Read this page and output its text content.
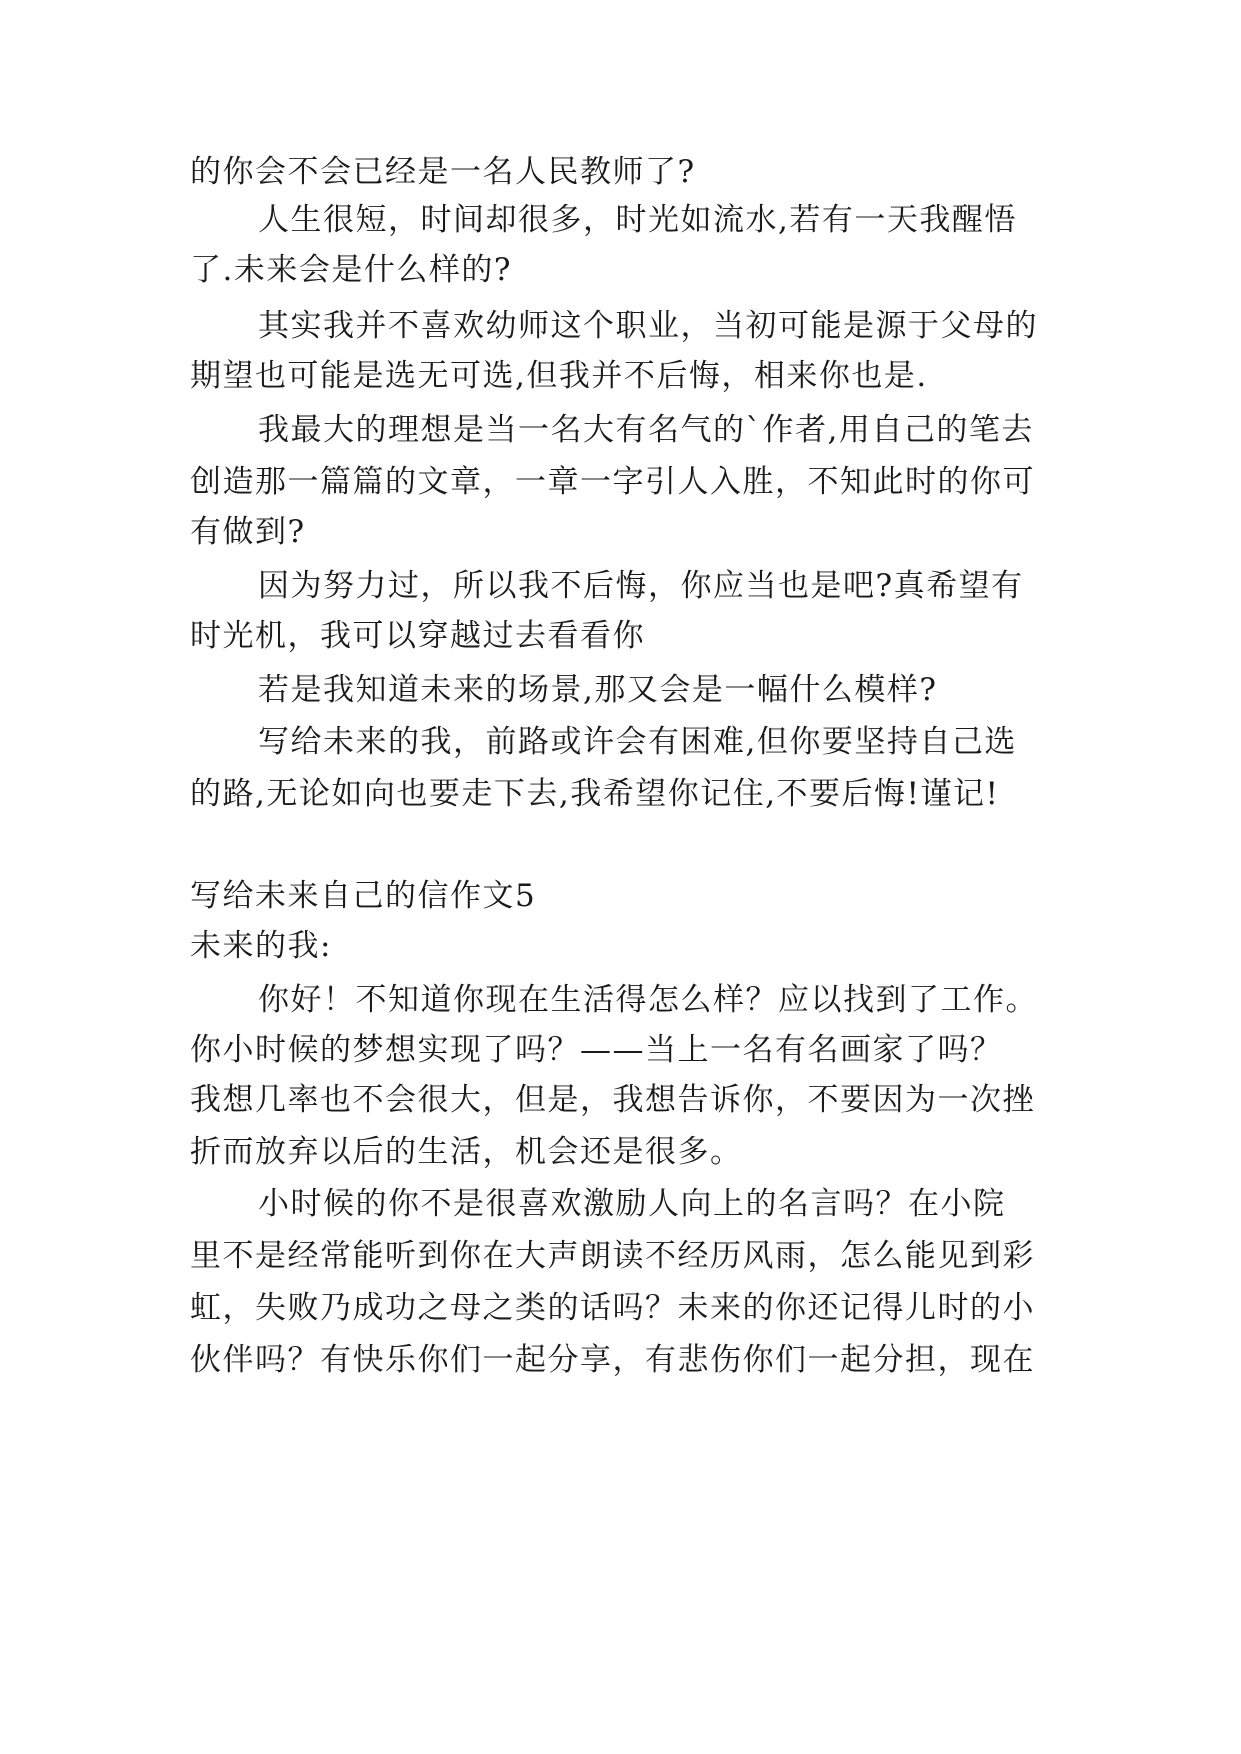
的你会不会已经是一名人民教师了?
人生很短，时间却很多，时光如流水,若有一天我醒悟
了.未来会是什么样的?
其实我并不喜欢幼师这个职业，当初可能是源于父母的
期望也可能是选无可选,但我并不后悔，相来你也是.
我最大的理想是当一名大有名气的`作者,用自己的笔去
创造那一篇篇的文章，一章一字引人入胜，不知此时的你可
有做到?
因为努力过，所以我不后悔，你应当也是吧?真希望有
时光机，我可以穿越过去看看你
若是我知道未来的场景,那又会是一幅什么模样?
写给未来的我，前路或许会有困难,但你要坚持自己选
的路,无论如向也要走下去,我希望你记住,不要后悔!谨记!
写给未来自己的信作文5
未来的我:
你好！不知道你现在生活得怎么样？应以找到了工作。
你小时候的梦想实现了吗？——当上一名有名画家了吗？
我想几率也不会很大，但是，我想告诉你，不要因为一次挫
折而放弃以后的生活，机会还是很多。
小时候的你不是很喜欢激励人向上的名言吗？在小院
里不是经常能听到你在大声朗读不经历风雨，怎么能见到彩
虹，失败乃成功之母之类的话吗？未来的你还记得儿时的小
伙伴吗？有快乐你们一起分享，有悲伤你们一起分担，现在
